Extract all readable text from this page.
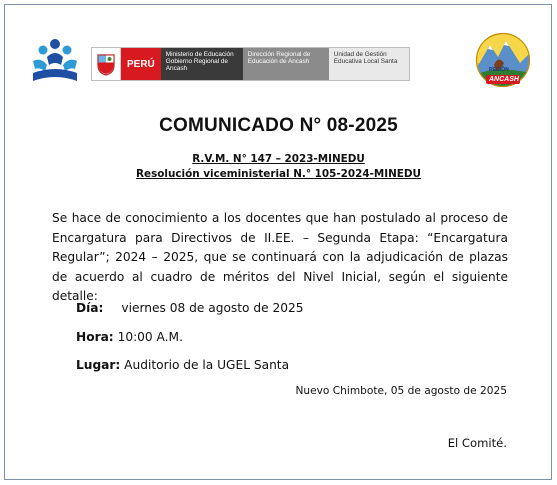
PERÚ
Ministerio de Educación Gobierno Regional de Ancash
Dirección Regional de Educación de Ancash
Unidad de Gestión Educativa Local Santa
REGIÓN
ANCASH
COMUNICADO N° 08-2025
R.V.M. N° 147 – 2023-MINEDU
Resolución viceministerial N.° 105-2024-MINEDU

Se hace de conocimiento a los docentes que han postulado al proceso de Encargatura para Directivos de II.EE. – Segunda Etapa: “Encargatura Regular”; 2024 – 2025, que se continuará con la adjudicación de plazas de acuerdo al cuadro de méritos del Nivel Inicial, según el siguiente detalle:

Día: viernes 08 de agosto de 2025
Hora: 10:00 A.M.
Lugar: Auditorio de la UGEL Santa
Nuevo Chimbote, 05 de agosto de 2025
El Comité.
